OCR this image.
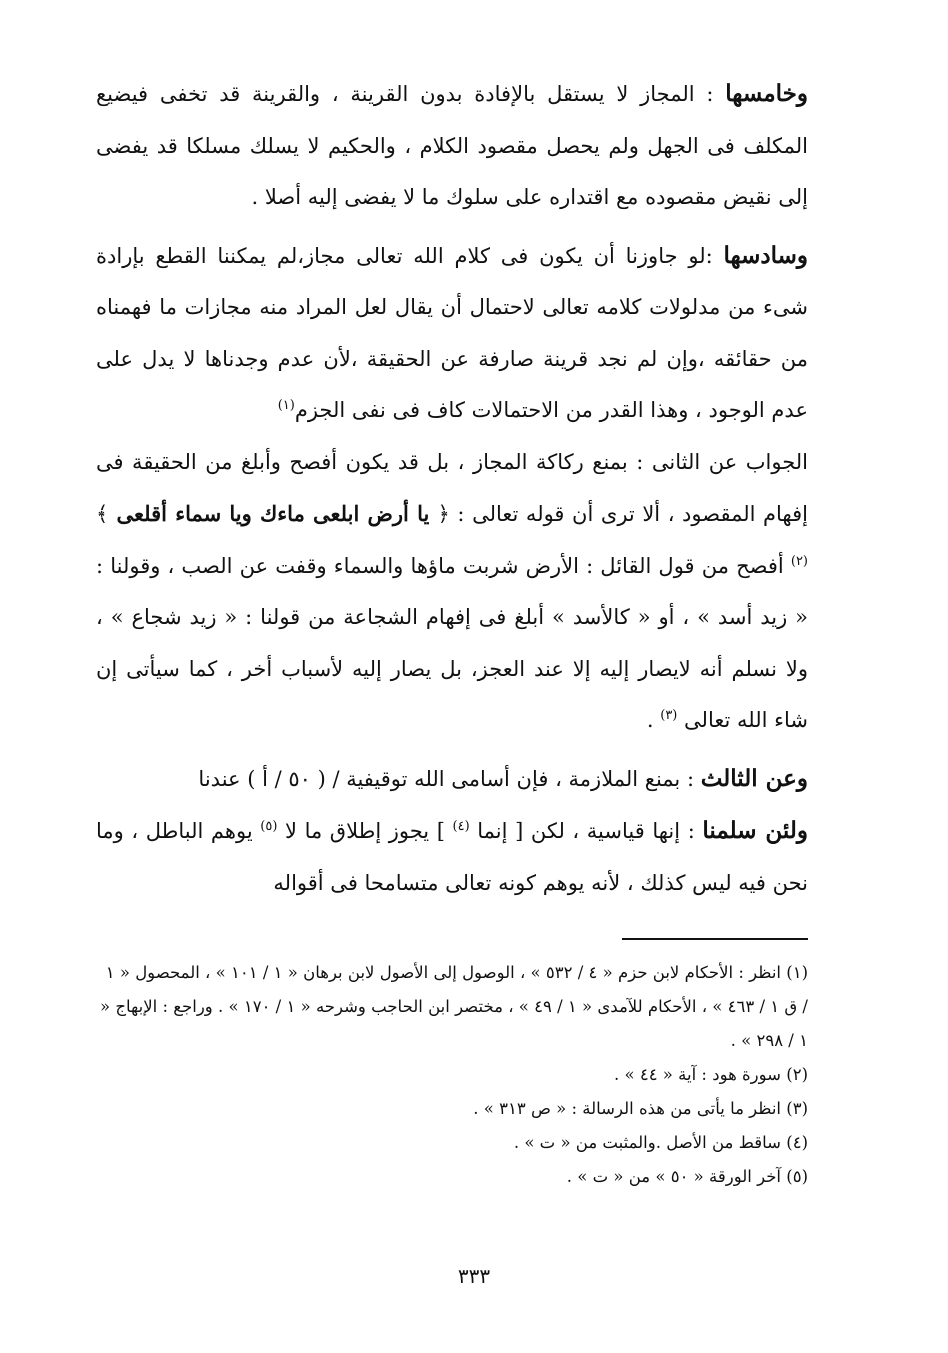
وخامسها : المجاز لا يستقل بالإفادة بدون القرينة ، والقرينة قد تخفى فيضيع المكلف فى الجهل ولم يحصل مقصود الكلام ، والحكيم لا يسلك مسلكا قد يفضى إلى نقيض مقصوده مع اقتداره على سلوك ما لا يفضى إليه أصلا .

وسادسها :لو جاوزنا أن يكون فى كلام الله تعالى مجاز،لم يمكننا القطع بإرادة شىء من مدلولات كلامه تعالى لاحتمال أن يقال لعل المراد منه مجازات ما فهمناه من حقائقه ،وإن لم نجد قرينة صارفة عن الحقيقة ،لأن عدم وجدناها لا يدل على عدم الوجود ، وهذا القدر من الاحتمالات كاف فى نفى الجزم$^{(١)}$
الجواب عن الثانى : بمنع ركاكة المجاز ، بل قد يكون أفصح وأبلغ من الحقيقة فى إفهام المقصود ، ألا ترى أن قوله تعالى : ﴿ يا أرض ابلعى ماءك ويا سماء أقلعى ﴾ $^{(٢)}$ أفصح من قول القائل : الأرض شربت ماؤها والسماء وقفت عن الصب ، وقولنا : « زيد أسد » ، أو « كالأسد » أبلغ فى إفهام الشجاعة من قولنا : « زيد شجاع » ، ولا نسلم أنه لايصار إليه إلا عند العجز، بل يصار إليه لأسباب أخر ، كما سيأتى إن شاء الله تعالى $^{(٣)}$ .

وعن الثالث : بمنع الملازمة ، فإن أسامى الله توقيفية / ( ٥٠ / أ ) عندنا

ولئن سلمنا : إنها قياسية ، لكن [ إنما $^{(٤)}$ ] يجوز إطلاق ما لا $^{(٥)}$ يوهم الباطل ، وما نحن فيه ليس كذلك ، لأنه يوهم كونه تعالى متسامحا فى أقواله

(١) انظر : الأحكام لابن حزم « ٤ / ٥٣٢ » ، الوصول إلى الأصول لابن برهان « ١ / ١٠١ » ، المحصول « ١ / ق ١ / ٤٦٣ » ، الأحكام للآمدى « ١ / ٤٩ » ، مختصر ابن الحاجب وشرحه « ١ / ١٧٠ » . وراجع : الإبهاج « ١ / ٢٩٨ » .

(٢) سورة هود : آية « ٤٤ » .

(٣) انظر ما يأتى من هذه الرسالة : « ص ٣١٣ » .

(٤) ساقط من الأصل .والمثبت من « ت » .

(٥) آخر الورقة « ٥٠ » من « ت » .

٣٣٣
